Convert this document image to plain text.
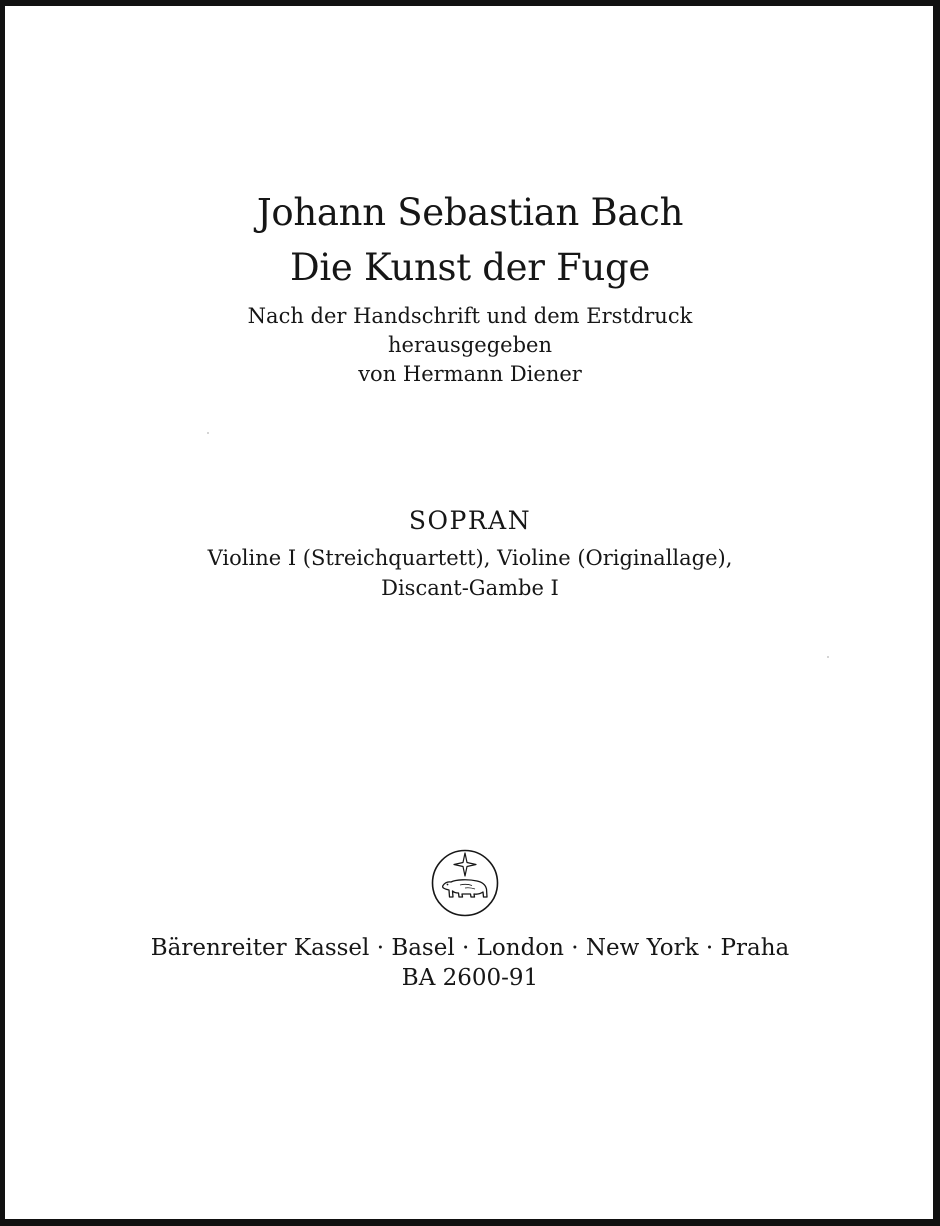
Johann Sebastian Bach
Die Kunst der Fuge

Nach der Handschrift und dem Erstdruck

herausgegeben

von Hermann Diener

SOPRAN

Violine I (Streichquartett), Violine (Originallage),

Discant-Gambe I

Bärenreiter Kassel · Basel · London · New York · Praha

BA 2600-91
